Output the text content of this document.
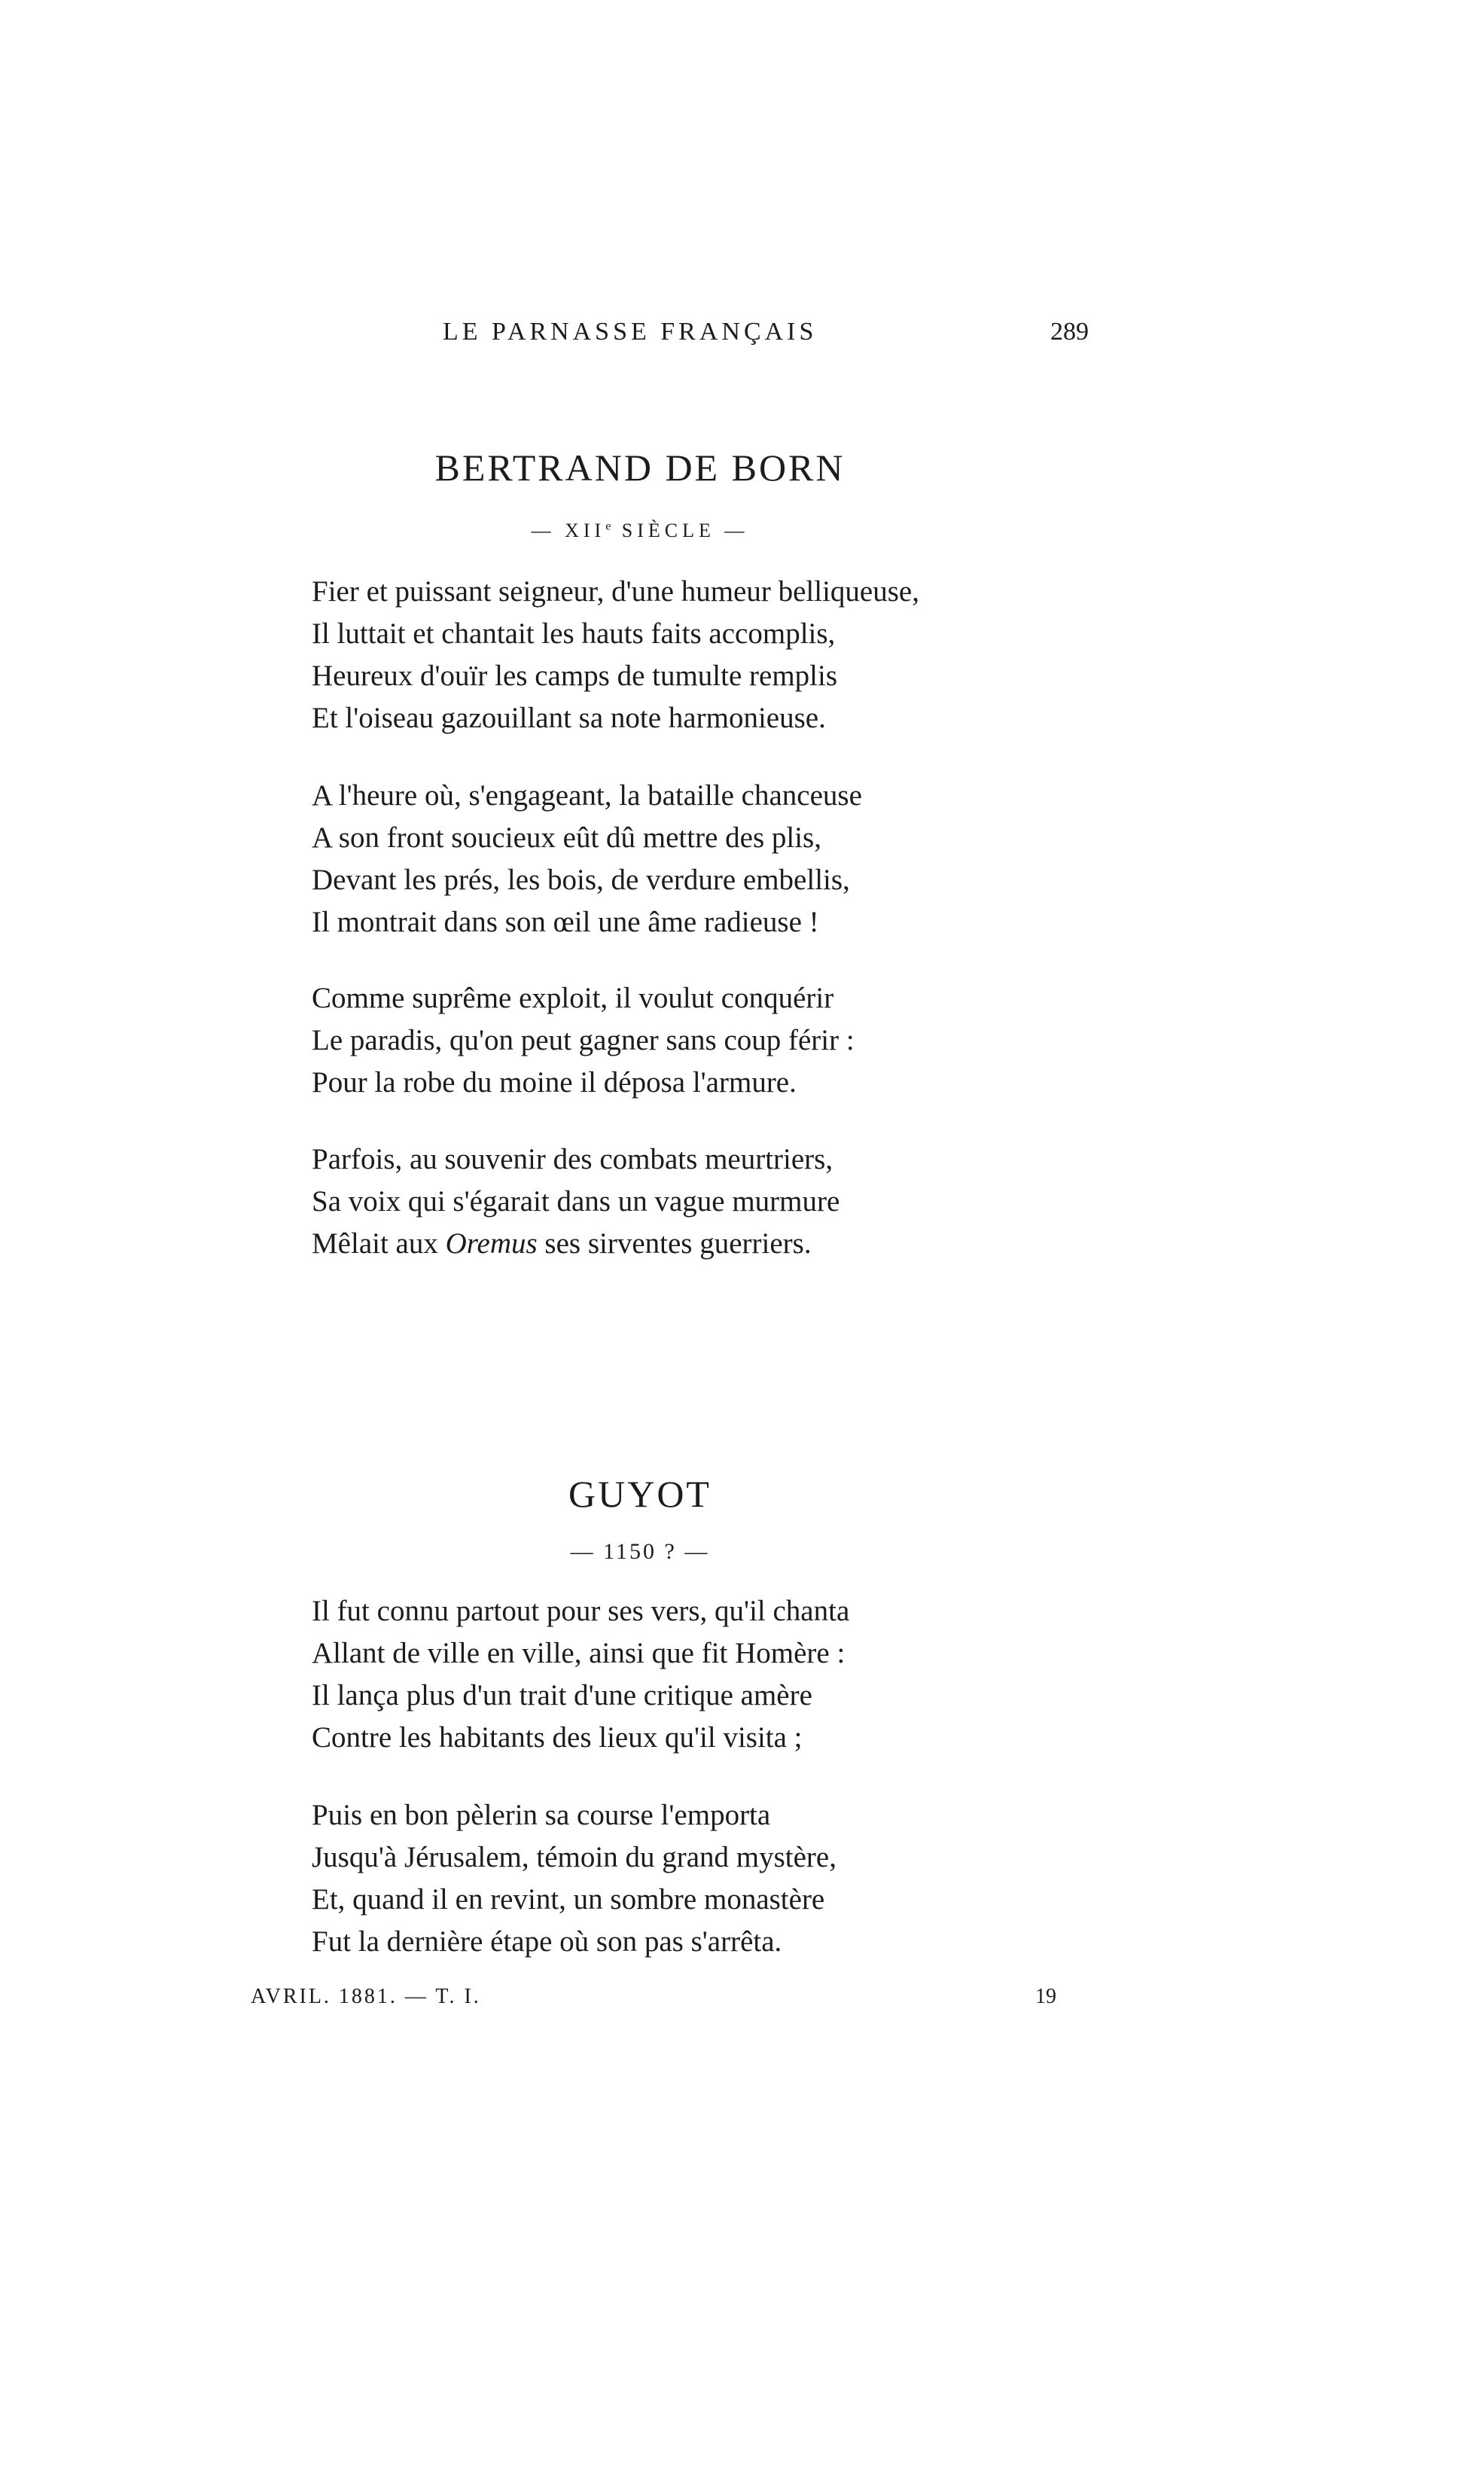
LE PARNASSE FRANÇAIS	289
BERTRAND DE BORN
— XIIe SIÈCLE —
Fier et puissant seigneur, d'une humeur belliqueuse,
Il luttait et chantait les hauts faits accomplis,
Heureux d'ouïr les camps de tumulte remplis
Et l'oiseau gazouillant sa note harmonieuse.
A l'heure où, s'engageant, la bataille chanceuse
A son front soucieux eût dû mettre des plis,
Devant les prés, les bois, de verdure embellis,
Il montrait dans son œil une âme radieuse !
Comme suprême exploit, il voulut conquérir
Le paradis, qu'on peut gagner sans coup férir :
Pour la robe du moine il déposa l'armure.
Parfois, au souvenir des combats meurtriers,
Sa voix qui s'égarait dans un vague murmure
Mêlait aux Oremus ses sirventes guerriers.
GUYOT
— 1150 ? —
Il fut connu partout pour ses vers, qu'il chanta
Allant de ville en ville, ainsi que fit Homère :
Il lança plus d'un trait d'une critique amère
Contre les habitants des lieux qu'il visita ;
Puis en bon pèlerin sa course l'emporta
Jusqu'à Jérusalem, témoin du grand mystère,
Et, quand il en revint, un sombre monastère
Fut la dernière étape où son pas s'arrêta.
AVRIL. 1881. — T. I.	19
